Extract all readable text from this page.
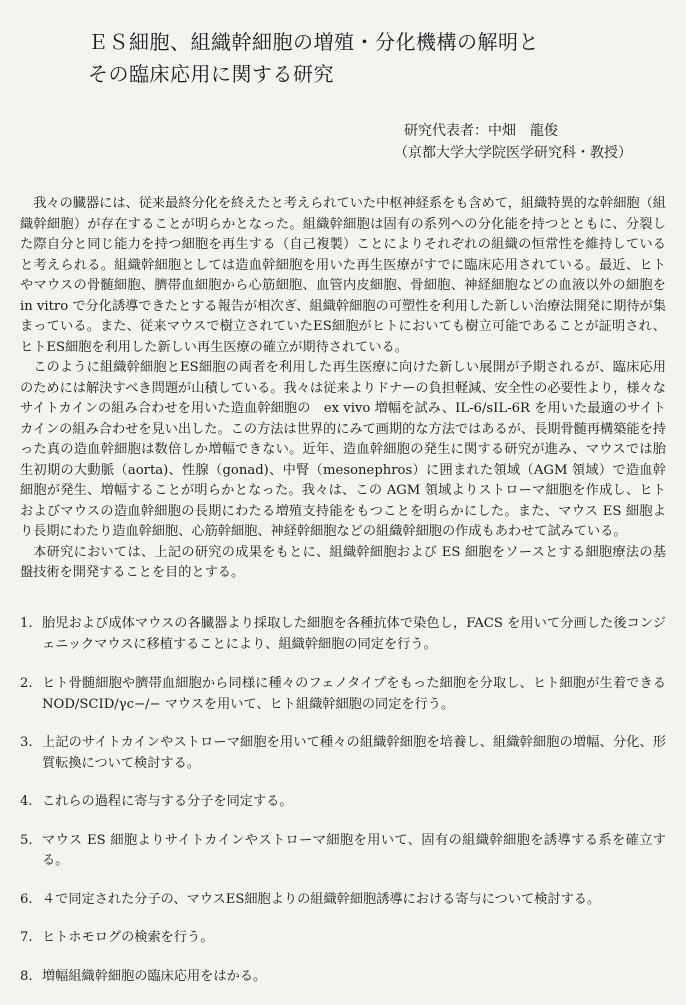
ＥＳ細胞、組織幹細胞の増殖・分化機構の解明と
その臨床応用に関する研究
研究代表者：中畑　龍俊
（京都大学大学院医学研究科・教授）

我々の臓器には、従来最終分化を終えたと考えられていた中枢神経系をも含めて，組織特異的な幹細胞（組織幹細胞）が存在することが明らかとなった。組織幹細胞は固有の系列への分化能を持つとともに、分裂した際自分と同じ能力を持つ細胞を再生する（自己複製）ことによりそれぞれの組織の恒常性を維持していると考えられる。組織幹細胞としては造血幹細胞を用いた再生医療がすでに臨床応用されている。最近、ヒトやマウスの骨髄細胞、臍帯血細胞から心筋細胞、血管内皮細胞、骨細胞、神経細胞などの血液以外の細胞を in vitro で分化誘導できたとする報告が相次ぎ、組織幹細胞の可塑性を利用した新しい治療法開発に期待が集まっている。また、従来マウスで樹立されていたES細胞がヒトにおいても樹立可能であることが証明され、ヒトES細胞を利用した新しい再生医療の確立が期待されている。

このように組織幹細胞とES細胞の両者を利用した再生医療に向けた新しい展開が予期されるが、臨床応用のためには解決すべき問題が山積している。我々は従来よりドナーの負担軽減、安全性の必要性より，様々なサイトカインの組み合わせを用いた造血幹細胞の　ex vivo 増幅を試み、IL-6/sIL-6R を用いた最適のサイトカインの組み合わせを見い出した。この方法は世界的にみて画期的な方法ではあるが、長期骨髄再構築能を持った真の造血幹細胞は数倍しか増幅できない。近年、造血幹細胞の発生に関する研究が進み、マウスでは胎生初期の大動脈（aorta)、性腺（gonad)、中腎（mesonephros）に囲まれた領域（AGM 領域）で造血幹細胞が発生、増幅することが明らかとなった。我々は、この AGM 領域よりストローマ細胞を作成し、ヒトおよびマウスの造血幹細胞の長期にわたる増殖支持能をもつことを明らかにした。また、マウス ES 細胞より長期にわたり造血幹細胞、心筋幹細胞、神経幹細胞などの組織幹細胞の作成もあわせて試みている。

本研究においては、上記の研究の成果をもとに、組織幹細胞および ES 細胞をソースとする細胞療法の基盤技術を開発することを目的とする。

1. 胎児および成体マウスの各臓器より採取した細胞を各種抗体で染色し，FACS を用いて分画した後コンジェニックマウスに移植することにより、組織幹細胞の同定を行う。
2. ヒト骨髄細胞や臍帯血細胞から同様に種々のフェノタイプをもった細胞を分取し、ヒト細胞が生着できる NOD/SCID/γc−/− マウスを用いて、ヒト組織幹細胞の同定を行う。
3. 上記のサイトカインやストローマ細胞を用いて種々の組織幹細胞を培養し、組織幹細胞の増幅、分化、形質転換について検討する。
4. これらの過程に寄与する分子を同定する。
5. マウス ES 細胞よりサイトカインやストローマ細胞を用いて、固有の組織幹細胞を誘導する系を確立する。
6. ４で同定された分子の、マウスES細胞よりの組織幹細胞誘導における寄与について検討する。
7. ヒトホモログの検索を行う。
8. 増幅組織幹細胞の臨床応用をはかる。
